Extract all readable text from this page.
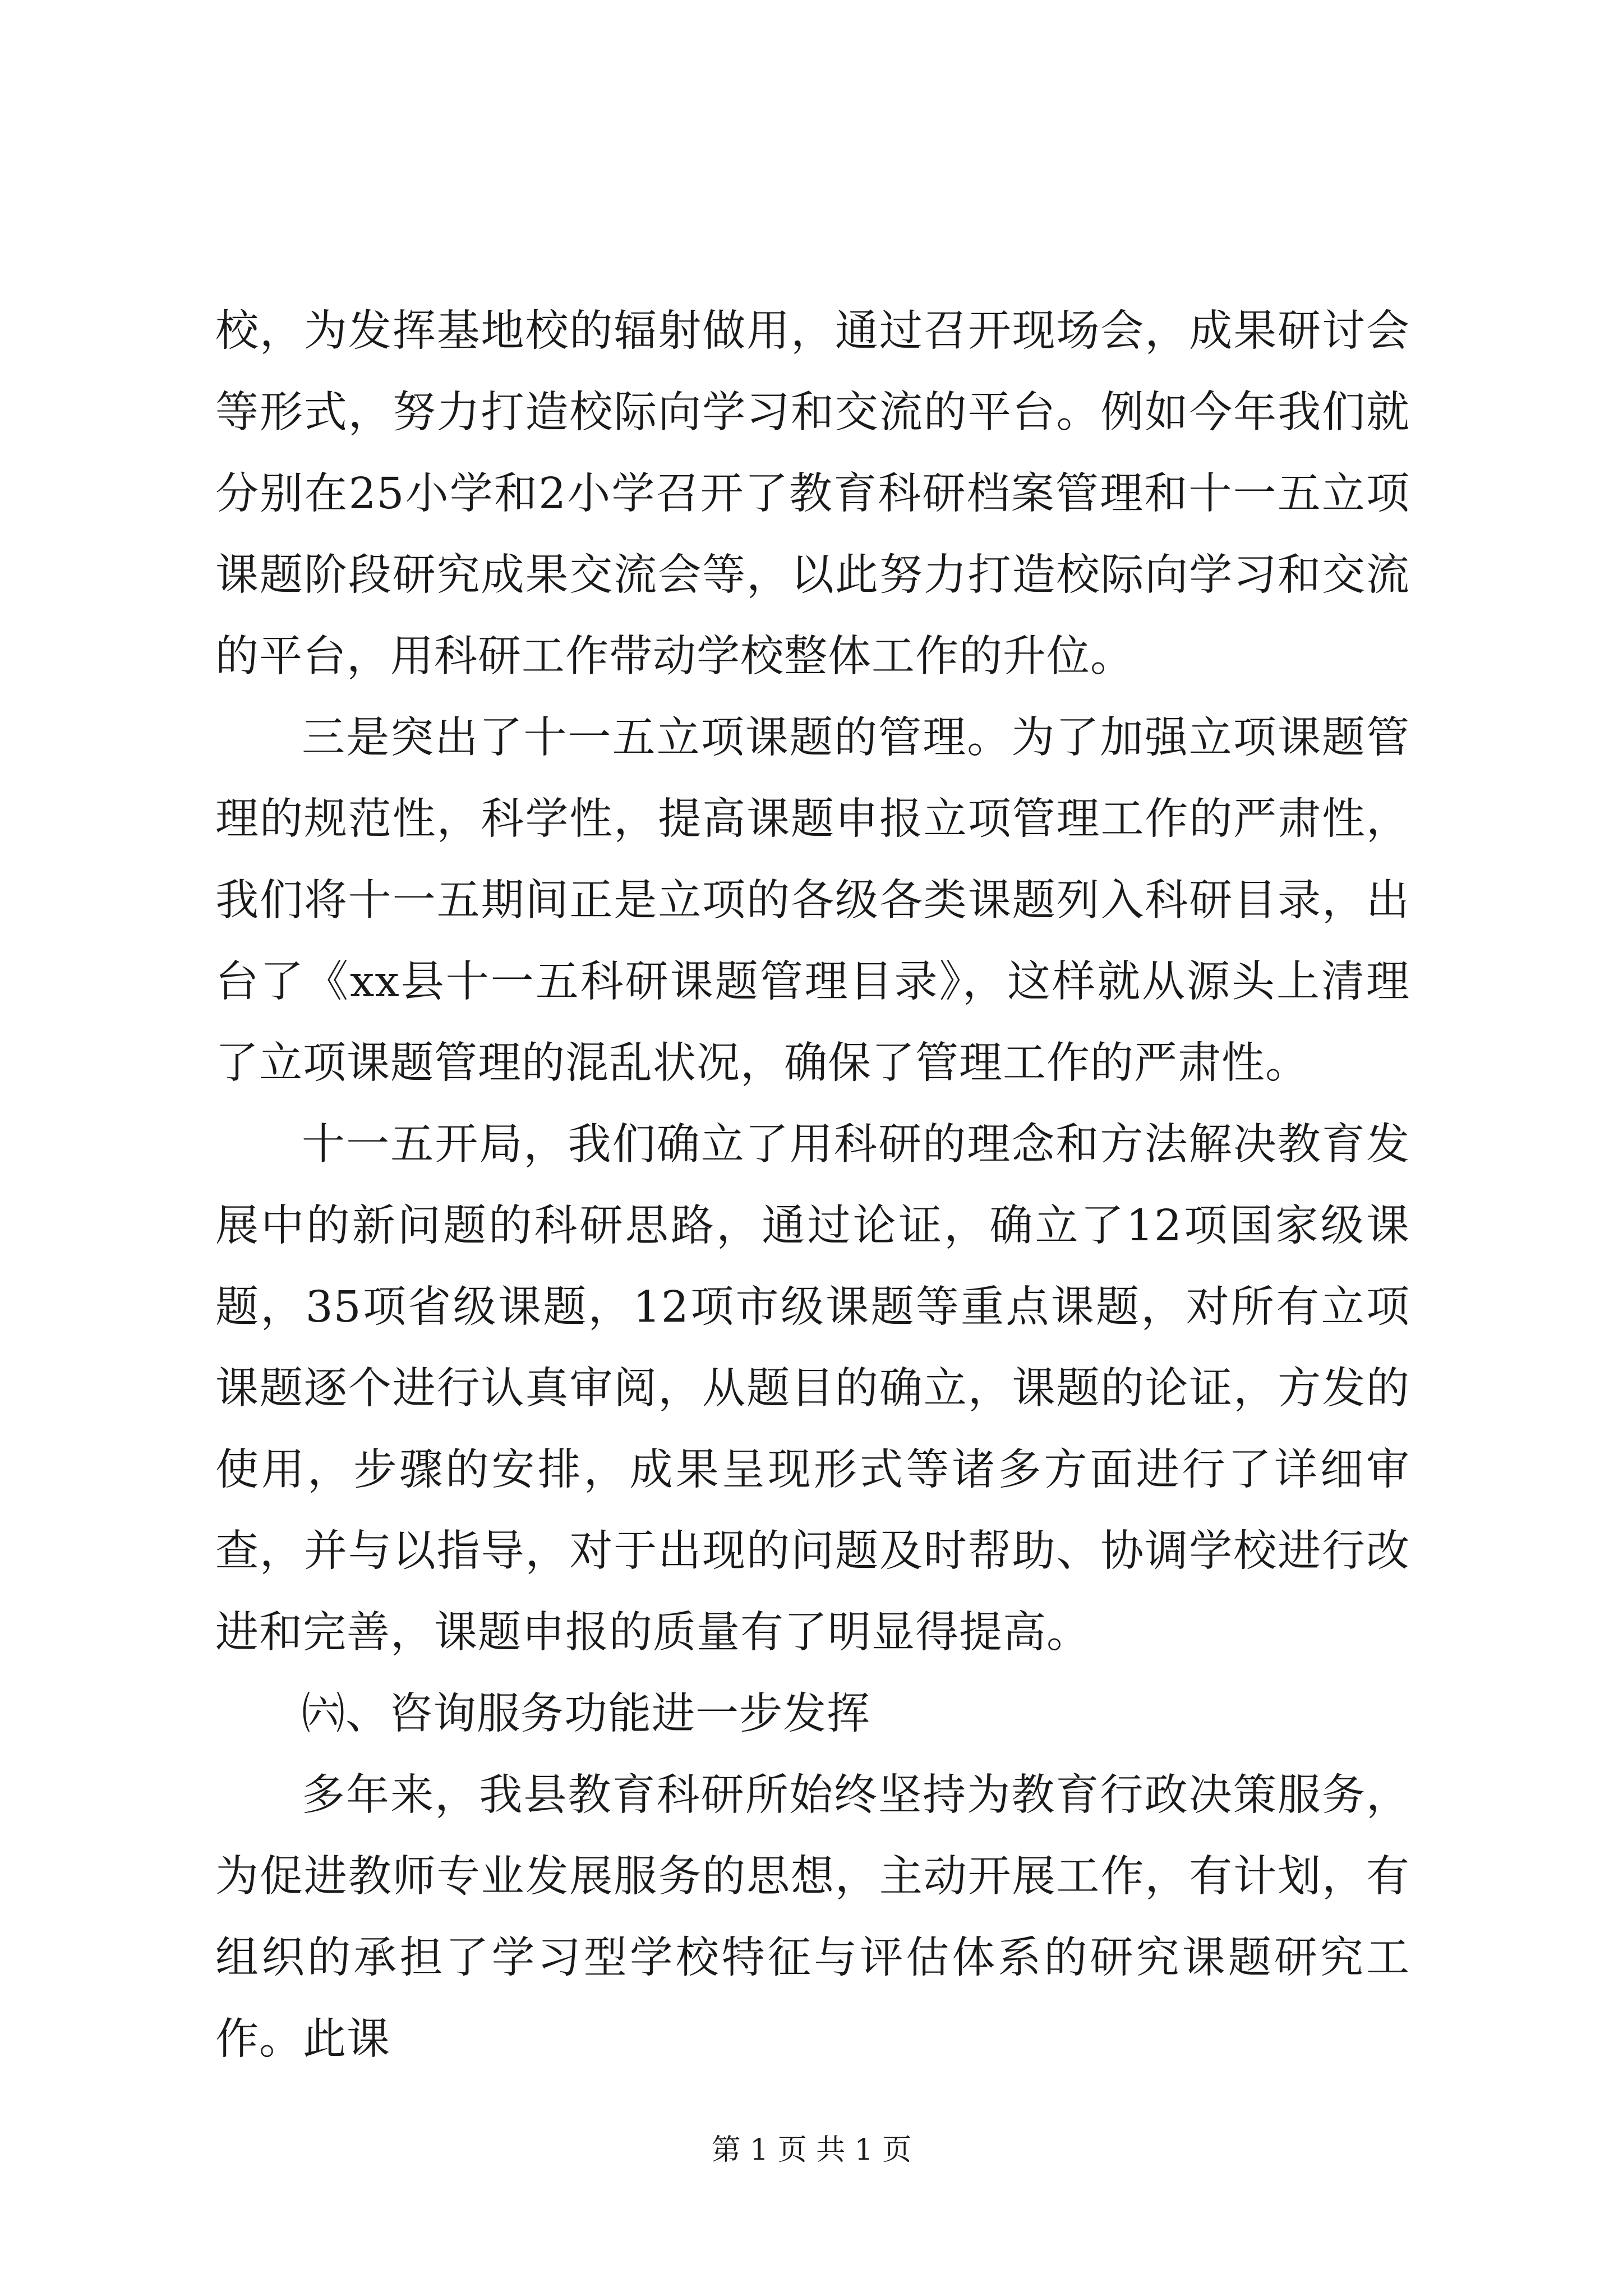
校，为发挥基地校的辐射做用，通过召开现场会，成果研讨会等形式，努力打造校际向学习和交流的平台。例如今年我们就分别在25小学和2小学召开了教育科研档案管理和十一五立项课题阶段研究成果交流会等，以此努力打造校际向学习和交流的平台，用科研工作带动学校整体工作的升位。

三是突出了十一五立项课题的管理。为了加强立项课题管理的规范性，科学性，提高课题申报立项管理工作的严肃性，我们将十一五期间正是立项的各级各类课题列入科研目录，出台了《xx县十一五科研课题管理目录》，这样就从源头上清理了立项课题管理的混乱状况，确保了管理工作的严肃性。

十一五开局，我们确立了用科研的理念和方法解决教育发展中的新问题的科研思路，通过论证，确立了12项国家级课题，35项省级课题，12项市级课题等重点课题，对所有立项课题逐个进行认真审阅，从题目的确立，课题的论证，方发的使用，步骤的安排，成果呈现形式等诸多方面进行了详细审查，并与以指导，对于出现的问题及时帮助、协调学校进行改进和完善，课题申报的质量有了明显得提高。

㈥、咨询服务功能进一步发挥

多年来，我县教育科研所始终坚持为教育行政决策服务，为促进教师专业发展服务的思想，主动开展工作，有计划，有组织的承担了学习型学校特征与评估体系的研究课题研究工作。此课

第 1 页 共 1 页
